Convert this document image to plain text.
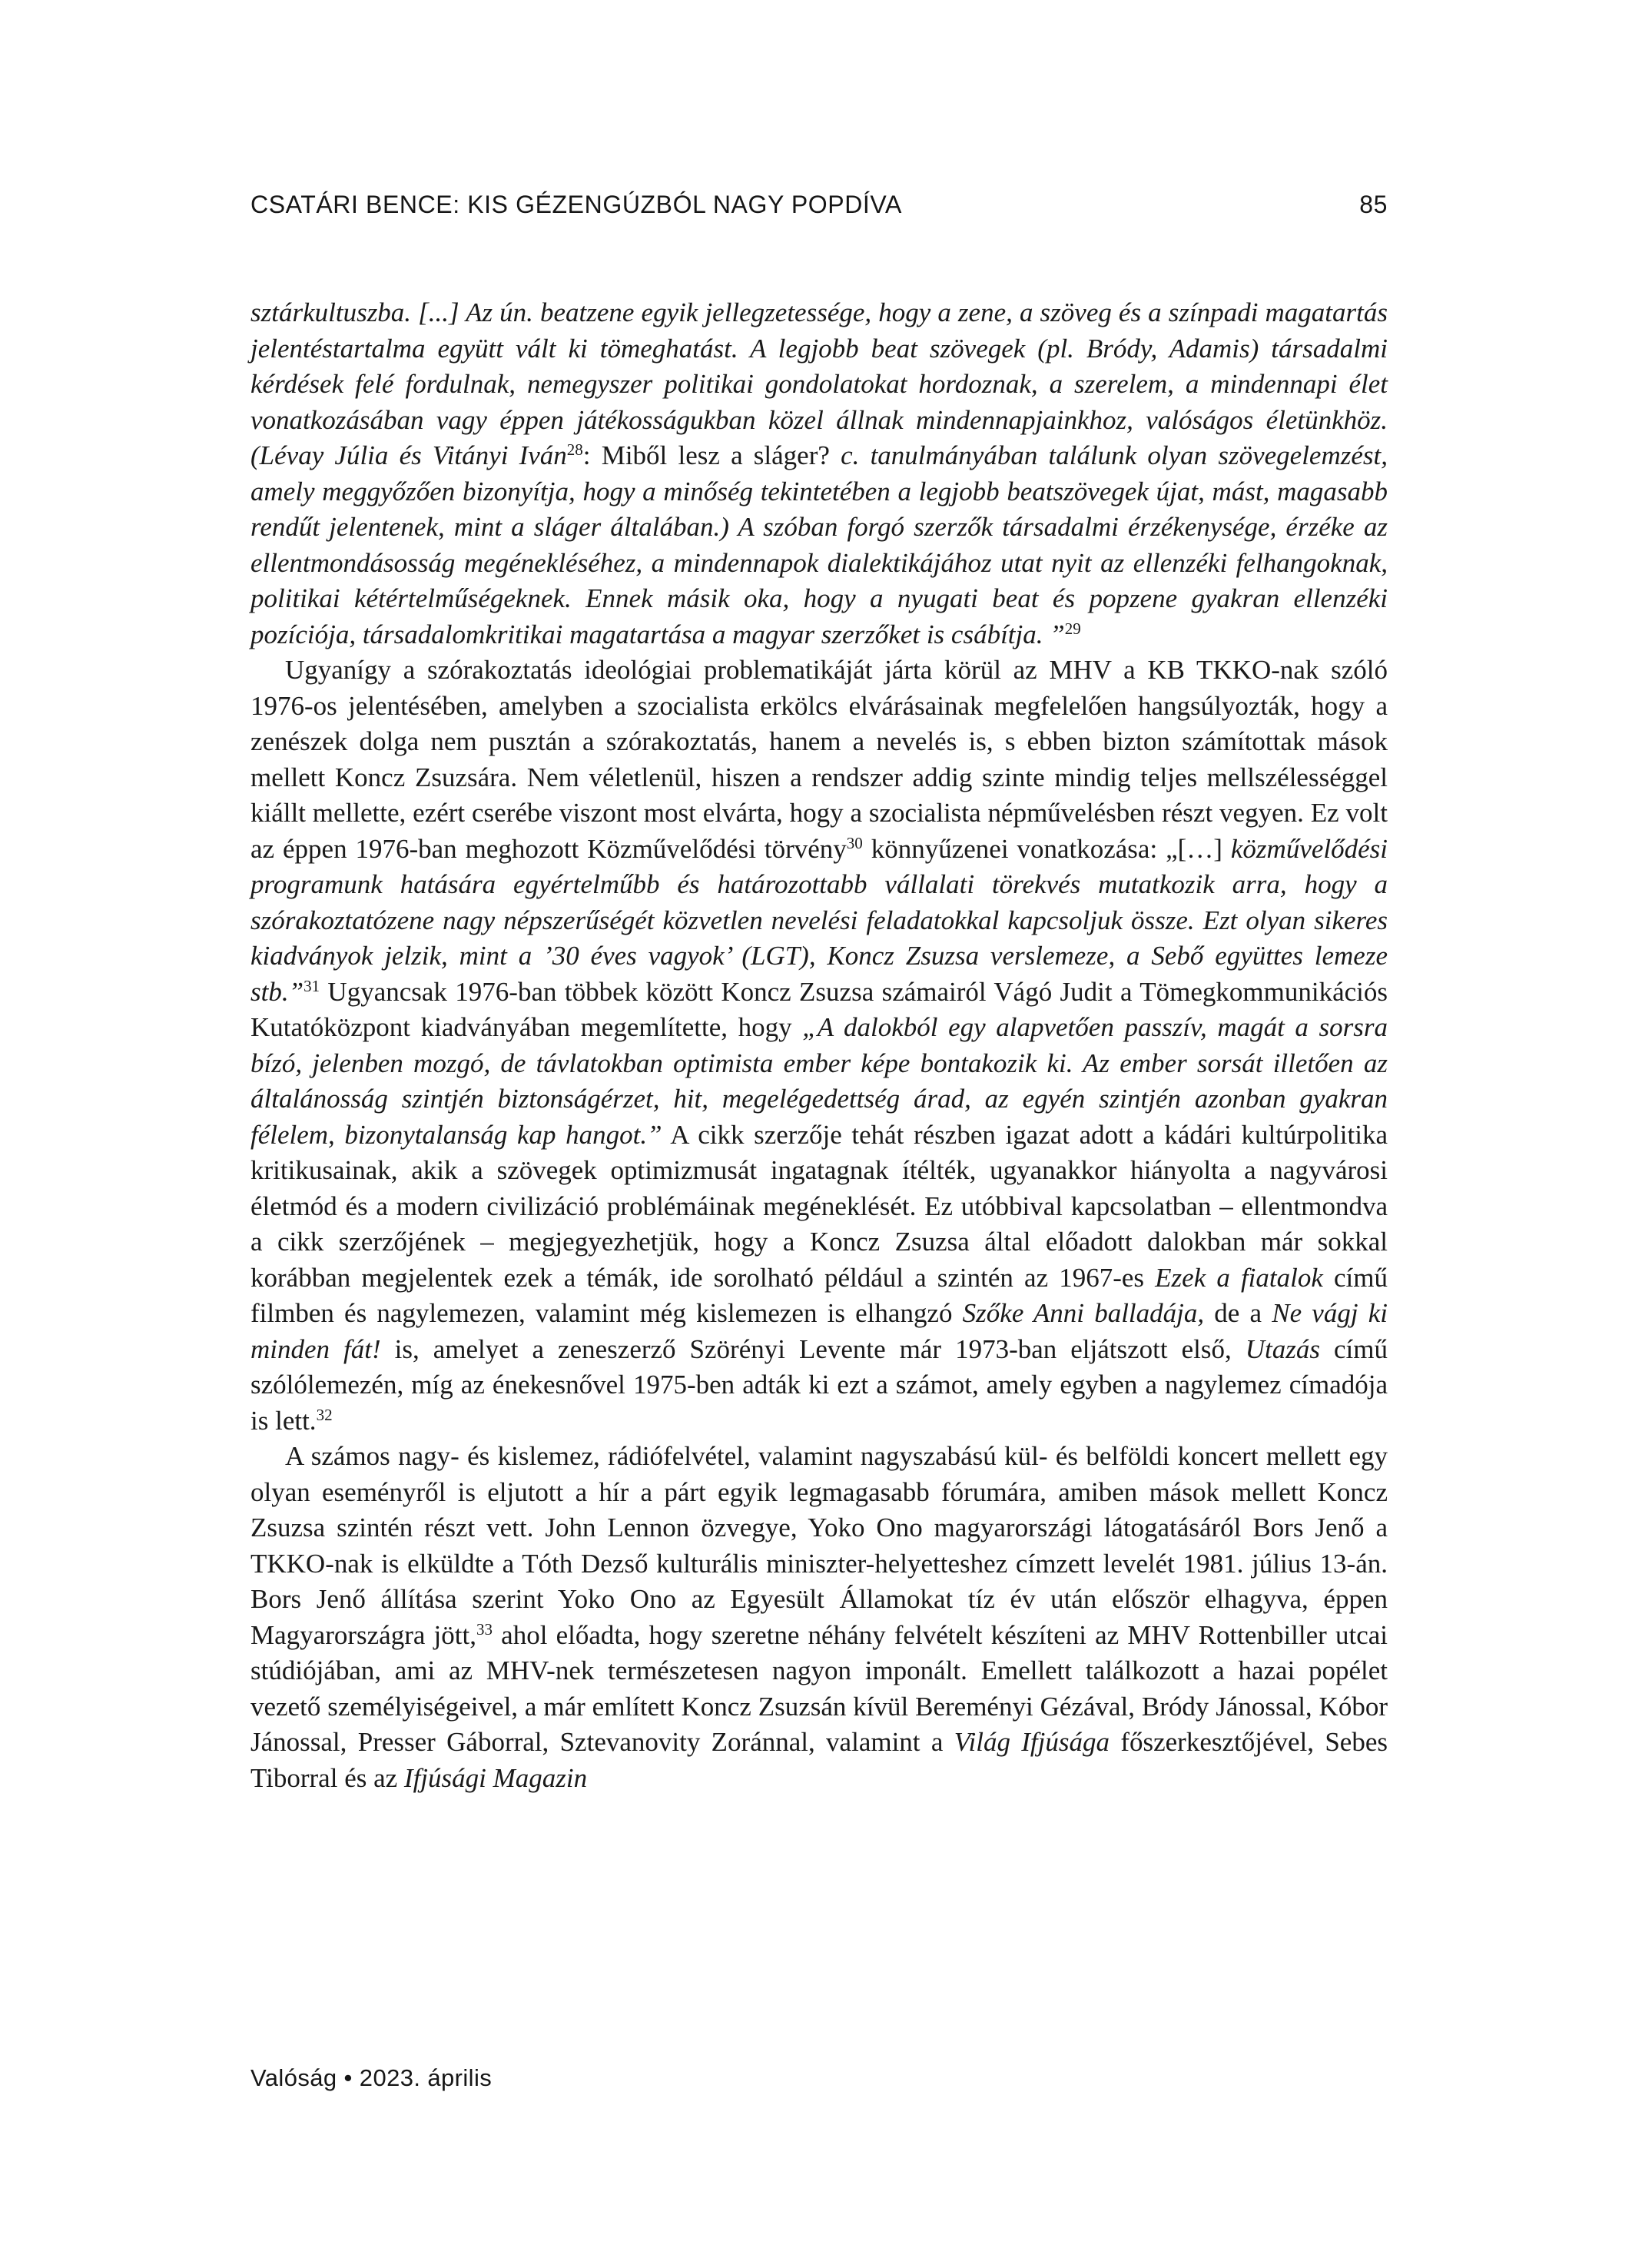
CSATÁRI BENCE: KIS GÉZENGÚZBÓL NAGY POPDÍVA	85

sztárkultuszba. [...] Az ún. beatzene egyik jellegzetessége, hogy a zene, a szöveg és a színpadi magatartás jelentéstartalma együtt vált ki tömeghatást. A legjobb beat szövegek (pl. Bródy, Adamis) társadalmi kérdések felé fordulnak, nemegyszer politikai gondolatokat hordoznak, a szerelem, a mindennapi élet vonatkozásában vagy éppen játékosságukban közel állnak mindennapjainkhoz, valóságos életünkhöz. (Lévay Júlia és Vitányi Iván$^{28}$: Miből lesz a sláger? c. tanulmányában találunk olyan szövegelemzést, amely meggyőzően bizonyítja, hogy a minőség tekintetében a legjobb beatszövegek újat, mást, magasabb rendűt jelentenek, mint a sláger általában.) A szóban forgó szerzők társadalmi érzékenysége, érzéke az ellentmondásosság megénekléséhez, a mindennapok dialektikájához utat nyit az ellenzéki felhangoknak, politikai kétértelműségeknek. Ennek másik oka, hogy a nyugati beat és popzene gyakran ellenzéki pozíciója, társadalomkritikai magatartása a magyar szerzőket is csábítja. ”$^{29}$

Ugyanígy a szórakoztatás ideológiai problematikáját járta körül az MHV a KB TKKO-nak szóló 1976-os jelentésében, amelyben a szocialista erkölcs elvárásainak megfelelően hangsúlyozták, hogy a zenészek dolga nem pusztán a szórakoztatás, hanem a nevelés is, s ebben bizton számítottak mások mellett Koncz Zsuzsára. Nem véletlenül, hiszen a rendszer addig szinte mindig teljes mellszélességgel kiállt mellette, ezért cserébe viszont most elvárta, hogy a szocialista népművelésben részt vegyen. Ez volt az éppen 1976-ban meghozott Közművelődési törvény$^{30}$ könnyűzenei vonatkozása: „[…] közművelődési programunk hatására egyértelműbb és határozottabb vállalati törekvés mutatkozik arra, hogy a szórakoztatózene nagy népszerűségét közvetlen nevelési feladatokkal kapcsoljuk össze. Ezt olyan sikeres kiadványok jelzik, mint a ’30 éves vagyok’ (LGT), Koncz Zsuzsa verslemeze, a Sebő együttes lemeze stb.”$^{31}$ Ugyancsak 1976-ban többek között Koncz Zsuzsa számairól Vágó Judit a Tömegkommunikációs Kutatóközpont kiadványában megemlítette, hogy „A dalokból egy alapvetően passzív, magát a sorsra bízó, jelenben mozgó, de távlatokban optimista ember képe bontakozik ki. Az ember sorsát illetően az általánosság szintjén biztonságérzet, hit, megelégedettség árad, az egyén szintjén azonban gyakran félelem, bizonytalanság kap hangot.” A cikk szerzője tehát részben igazat adott a kádári kultúrpolitika kritikusainak, akik a szövegek optimizmusát ingatagnak ítélték, ugyanakkor hiányolta a nagyvárosi életmód és a modern civilizáció problémáinak megéneklését. Ez utóbbival kapcsolatban – ellentmondva a cikk szerzőjének – megjegyezhetjük, hogy a Koncz Zsuzsa által előadott dalokban már sokkal korábban megjelentek ezek a témák, ide sorolható például a szintén az 1967-es Ezek a fiatalok című filmben és nagylemezen, valamint még kislemezen is elhangzó Szőke Anni balladája, de a Ne vágj ki minden fát! is, amelyet a zeneszerző Szörényi Levente már 1973-ban eljátszott első, Utazás című szólólemezén, míg az énekesnővel 1975-ben adták ki ezt a számot, amely egyben a nagylemez címadója is lett.$^{32}$

A számos nagy- és kislemez, rádiófelvétel, valamint nagyszabású kül- és belföldi koncert mellett egy olyan eseményről is eljutott a hír a párt egyik legmagasabb fórumára, amiben mások mellett Koncz Zsuzsa szintén részt vett. John Lennon özvegye, Yoko Ono magyarországi látogatásáról Bors Jenő a TKKO-nak is elküldte a Tóth Dezső kulturális miniszter-helyetteshez címzett levelét 1981. július 13-án. Bors Jenő állítása szerint Yoko Ono az Egyesült Államokat tíz év után először elhagyva, éppen Magyarországra jött,$^{33}$ ahol előadta, hogy szeretne néhány felvételt készíteni az MHV Rottenbiller utcai stúdiójában, ami az MHV-nek természetesen nagyon imponált. Emellett találkozott a hazai popélet vezető személyiségeivel, a már említett Koncz Zsuzsán kívül Bereményi Gézával, Bródy Jánossal, Kóbor Jánossal, Presser Gáborral, Sztevanovity Zoránnal, valamint a Világ Ifjúsága főszerkesztőjével, Sebes Tiborral és az Ifjúsági Magazin

Valóság • 2023. április
